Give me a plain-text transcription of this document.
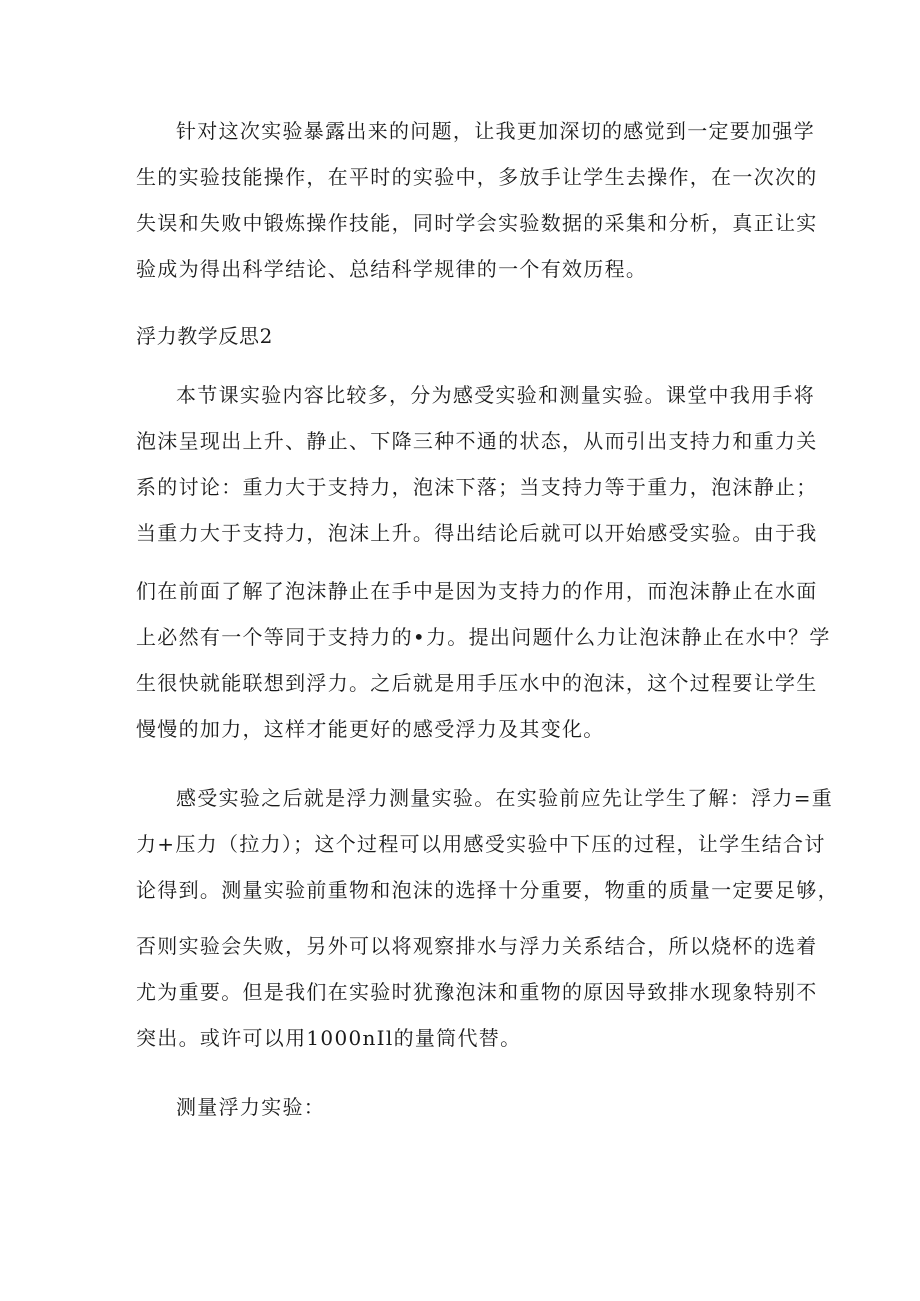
针对这次实验暴露出来的问题，让我更加深切的感觉到一定要加强学

生的实验技能操作，在平时的实验中，多放手让学生去操作，在一次次的

失误和失败中锻炼操作技能，同时学会实验数据的采集和分析，真正让实

验成为得出科学结论、总结科学规律的一个有效历程。

浮力教学反思2

本节课实验内容比较多，分为感受实验和测量实验。课堂中我用手将

泡沫呈现出上升、静止、下降三种不通的状态，从而引出支持力和重力关

系的讨论：重力大于支持力，泡沫下落；当支持力等于重力，泡沫静止；

当重力大于支持力，泡沫上升。得出结论后就可以开始感受实验。由于我

们在前面了解了泡沫静止在手中是因为支持力的作用，而泡沫静止在水面

上必然有一个等同于支持力的•力。提出问题什么力让泡沫静止在水中？学

生很快就能联想到浮力。之后就是用手压水中的泡沫，这个过程要让学生

慢慢的加力，这样才能更好的感受浮力及其变化。

感受实验之后就是浮力测量实验。在实验前应先让学生了解：浮力=重

力+压力（拉力）；这个过程可以用感受实验中下压的过程，让学生结合讨

论得到。测量实验前重物和泡沫的选择十分重要，物重的质量一定要足够，

否则实验会失败，另外可以将观察排水与浮力关系结合，所以烧杯的选着

尤为重要。但是我们在实验时犹豫泡沫和重物的原因导致排水现象特别不

突出。或许可以用1000nIl的量筒代替。

测量浮力实验：
